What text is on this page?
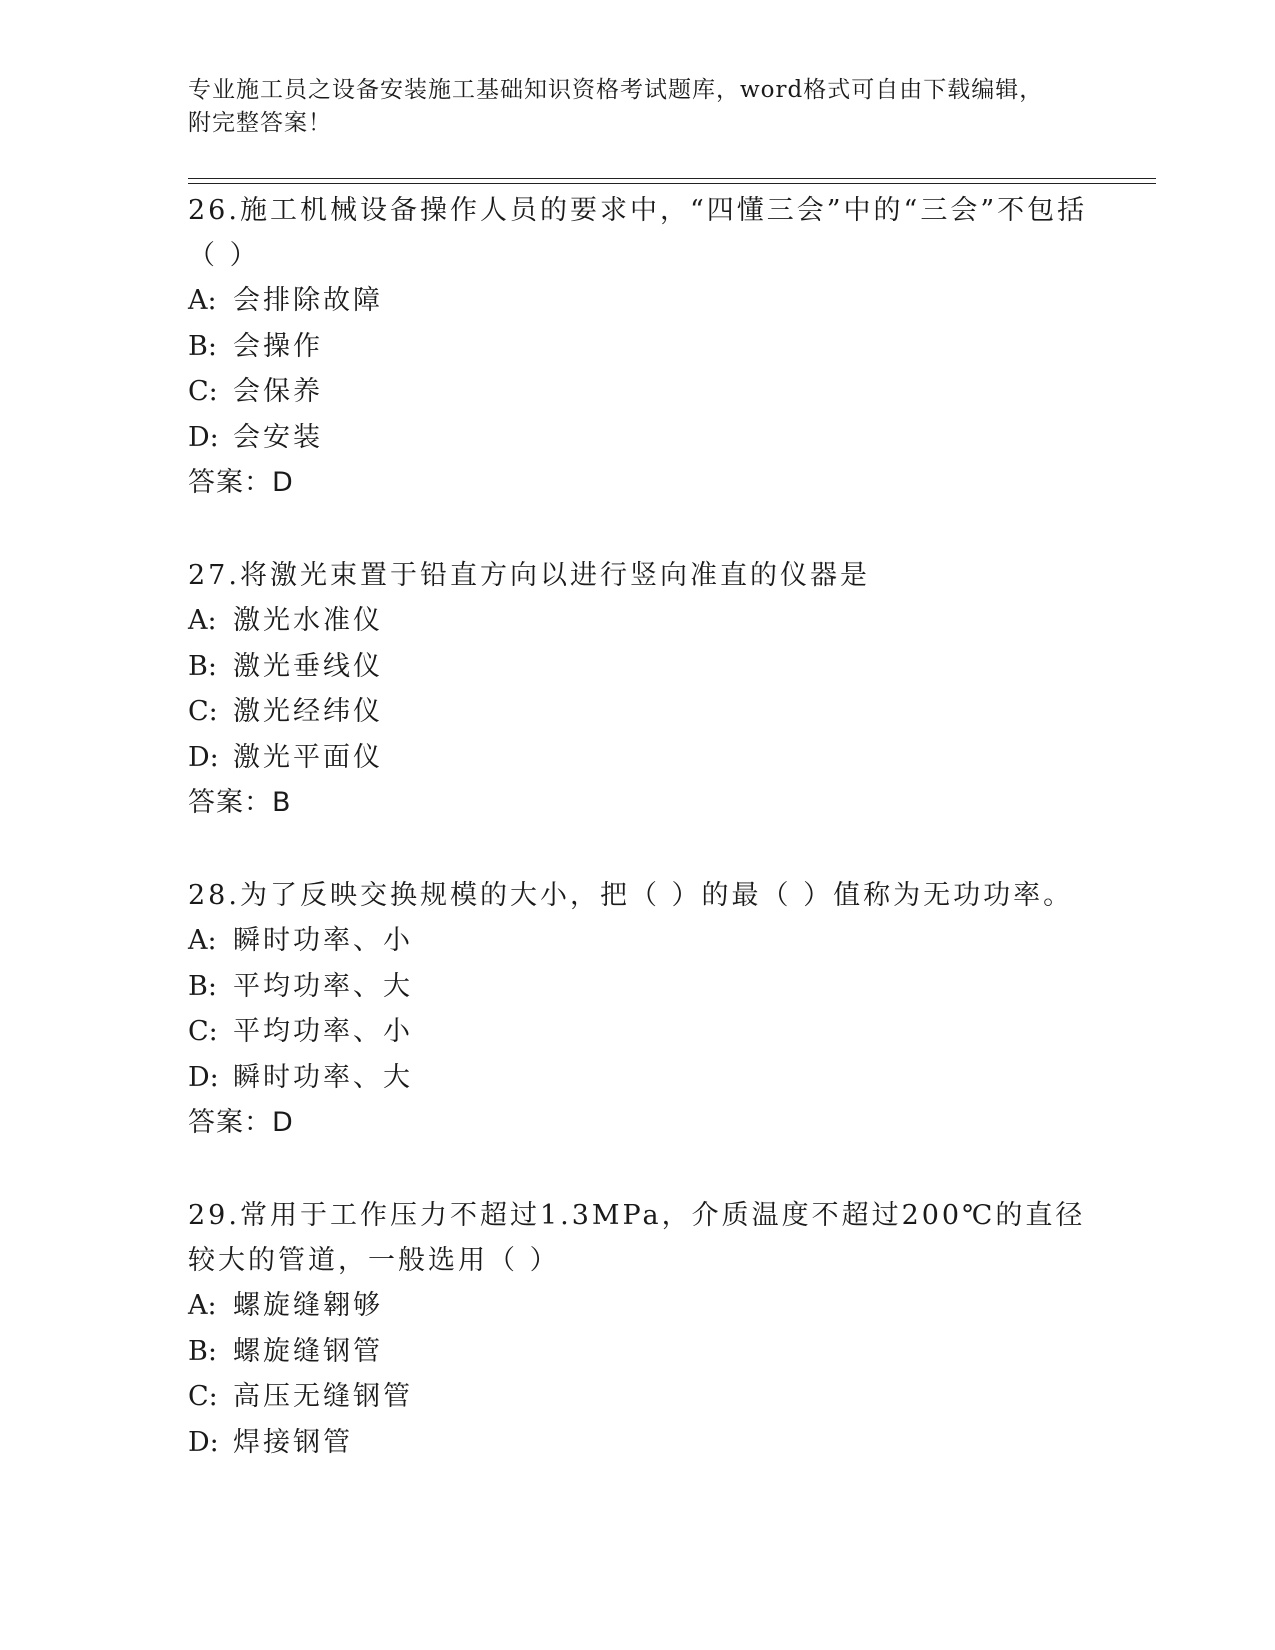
专业施工员之设备安装施工基础知识资格考试题库，word格式可自由下载编辑，
附完整答案！

26.施工机械设备操作人员的要求中，“四懂三会”中的“三会”不包括（ ）

A: 会排除故障

B: 会操作

C: 会保养

D: 会安装

答案：D

27.将激光束置于铅直方向以进行竖向准直的仪器是

A: 激光水准仪

B: 激光垂线仪

C: 激光经纬仪

D: 激光平面仪

答案：B

28.为了反映交换规模的大小，把（ ）的最（ ）值称为无功功率。

A: 瞬时功率、小

B: 平均功率、大

C: 平均功率、小

D: 瞬时功率、大

答案：D

29.常用于工作压力不超过1.3MPa，介质温度不超过200℃的直径较大的管道，一般选用（ ）

A: 螺旋缝翱够

B: 螺旋缝钢管

C: 高压无缝钢管

D: 焊接钢管
